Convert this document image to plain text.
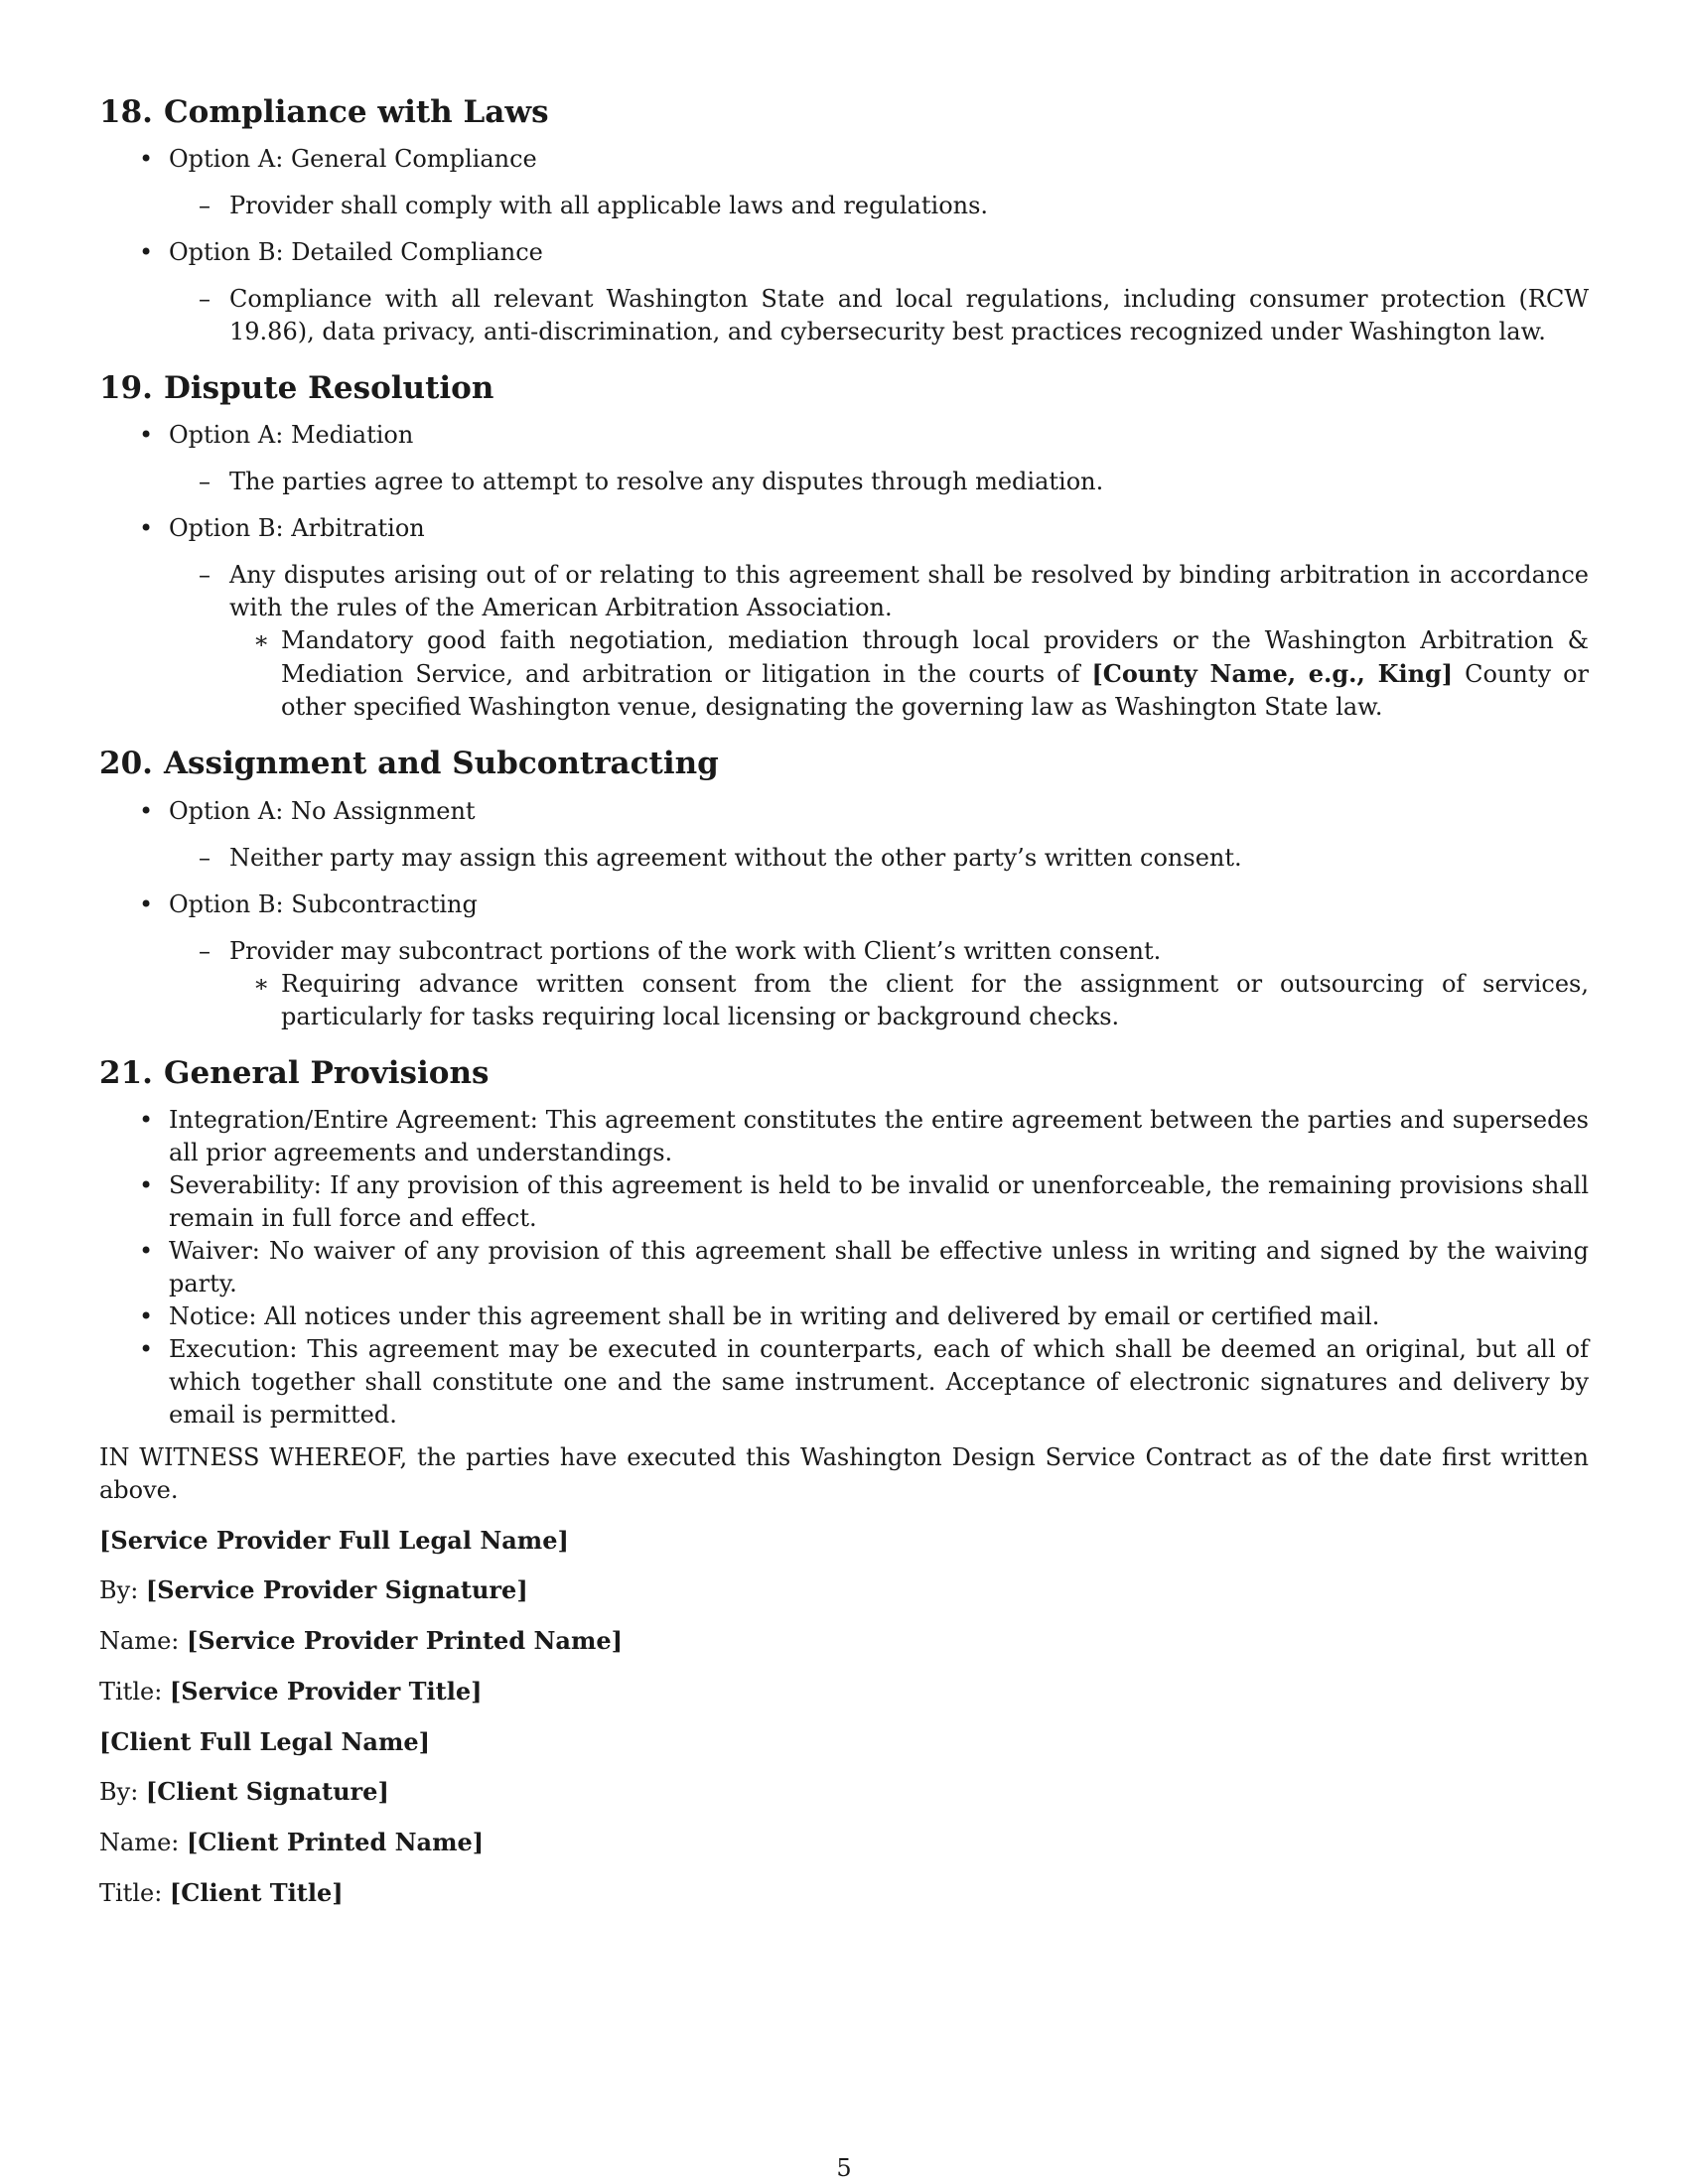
18. Compliance with Laws
• Option A: General Compliance
– Provider shall comply with all applicable laws and regulations.
• Option B: Detailed Compliance
– Compliance with all relevant Washington State and local regulations, including consumer protection (RCW 19.86), data privacy, anti-discrimination, and cybersecurity best practices recognized under Washington law.
19. Dispute Resolution
• Option A: Mediation
– The parties agree to attempt to resolve any disputes through mediation.
• Option B: Arbitration
– Any disputes arising out of or relating to this agreement shall be resolved by binding arbitration in accordance with the rules of the American Arbitration Association.
∗ Mandatory good faith negotiation, mediation through local providers or the Washington Arbitration & Mediation Service, and arbitration or litigation in the courts of [County Name, e.g., King] County or other specified Washington venue, designating the governing law as Washington State law.
20. Assignment and Subcontracting
• Option A: No Assignment
– Neither party may assign this agreement without the other party’s written consent.
• Option B: Subcontracting
– Provider may subcontract portions of the work with Client’s written consent.
∗ Requiring advance written consent from the client for the assignment or outsourcing of services, particularly for tasks requiring local licensing or background checks.
21. General Provisions
• Integration/Entire Agreement: This agreement constitutes the entire agreement between the parties and supersedes all prior agreements and understandings.
• Severability: If any provision of this agreement is held to be invalid or unenforceable, the remaining provisions shall remain in full force and effect.
• Waiver: No waiver of any provision of this agreement shall be effective unless in writing and signed by the waiving party.
• Notice: All notices under this agreement shall be in writing and delivered by email or certified mail.
• Execution: This agreement may be executed in counterparts, each of which shall be deemed an original, but all of which together shall constitute one and the same instrument. Acceptance of electronic signatures and delivery by email is permitted.
IN WITNESS WHEREOF, the parties have executed this Washington Design Service Contract as of the date first written above.
[Service Provider Full Legal Name]
By: [Service Provider Signature]
Name: [Service Provider Printed Name]
Title: [Service Provider Title]
[Client Full Legal Name]
By: [Client Signature]
Name: [Client Printed Name]
Title: [Client Title]
5
